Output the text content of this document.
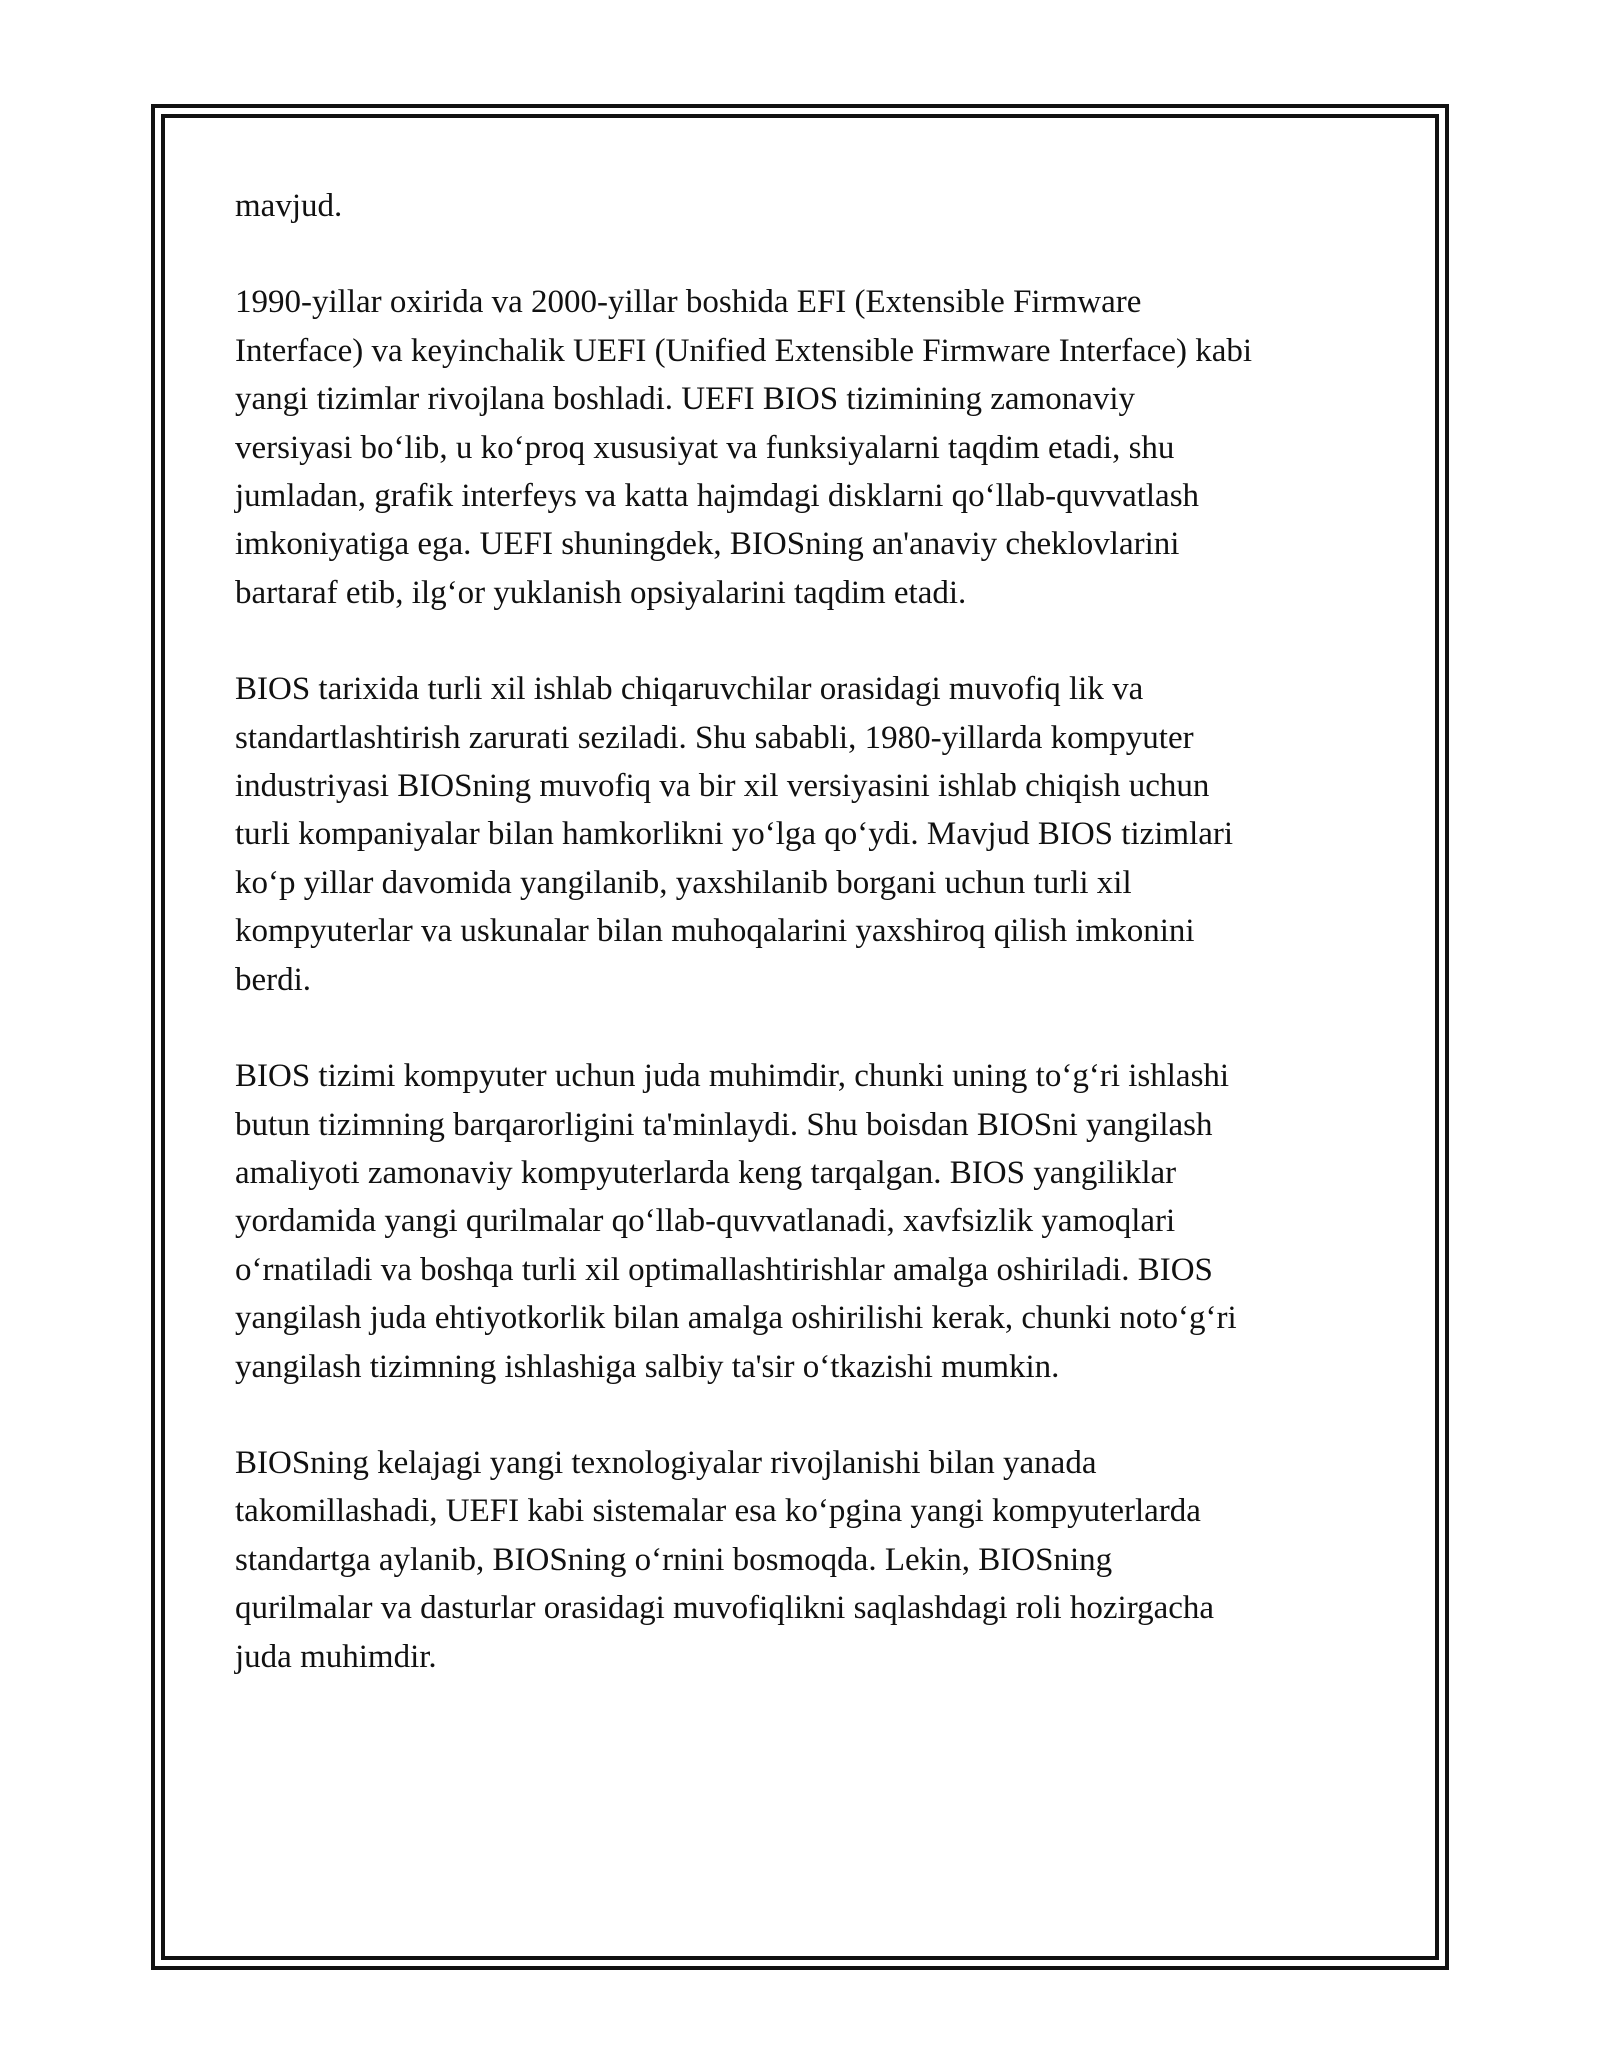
mavjud.

1990-yillar oxirida va 2000-yillar boshida EFI (Extensible Firmware
Interface) va keyinchalik UEFI (Unified Extensible Firmware Interface) kabi
yangi tizimlar rivojlana boshladi. UEFI BIOS tizimining zamonaviy
versiyasi bo‘lib, u ko‘proq xususiyat va funksiyalarni taqdim etadi, shu
jumladan, grafik interfeys va katta hajmdagi disklarni qo‘llab-quvvatlash
imkoniyatiga ega. UEFI shuningdek, BIOSning an'anaviy cheklovlarini
bartaraf etib, ilg‘or yuklanish opsiyalarini taqdim etadi.

BIOS tarixida turli xil ishlab chiqaruvchilar orasidagi muvofiq lik va
standartlashtirish zarurati seziladi. Shu sababli, 1980-yillarda kompyuter
industriyasi BIOSning muvofiq va bir xil versiyasini ishlab chiqish uchun
turli kompaniyalar bilan hamkorlikni yo‘lga qo‘ydi. Mavjud BIOS tizimlari
ko‘p yillar davomida yangilanib, yaxshilanib borgani uchun turli xil
kompyuterlar va uskunalar bilan muhoqalarini yaxshiroq qilish imkonini
berdi.

BIOS tizimi kompyuter uchun juda muhimdir, chunki uning to‘g‘ri ishlashi
butun tizimning barqarorligini ta'minlaydi. Shu boisdan BIOSni yangilash
amaliyoti zamonaviy kompyuterlarda keng tarqalgan. BIOS yangiliklar
yordamida yangi qurilmalar qo‘llab-quvvatlanadi, xavfsizlik yamoqlari
o‘rnatiladi va boshqa turli xil optimallashtirishlar amalga oshiriladi. BIOS
yangilash juda ehtiyotkorlik bilan amalga oshirilishi kerak, chunki noto‘g‘ri
yangilash tizimning ishlashiga salbiy ta'sir o‘tkazishi mumkin.

BIOSning kelajagi yangi texnologiyalar rivojlanishi bilan yanada
takomillashadi, UEFI kabi sistemalar esa ko‘pgina yangi kompyuterlarda
standartga aylanib, BIOSning o‘rnini bosmoqda. Lekin, BIOSning
qurilmalar va dasturlar orasidagi muvofiqlikni saqlashdagi roli hozirgacha
juda muhimdir.
